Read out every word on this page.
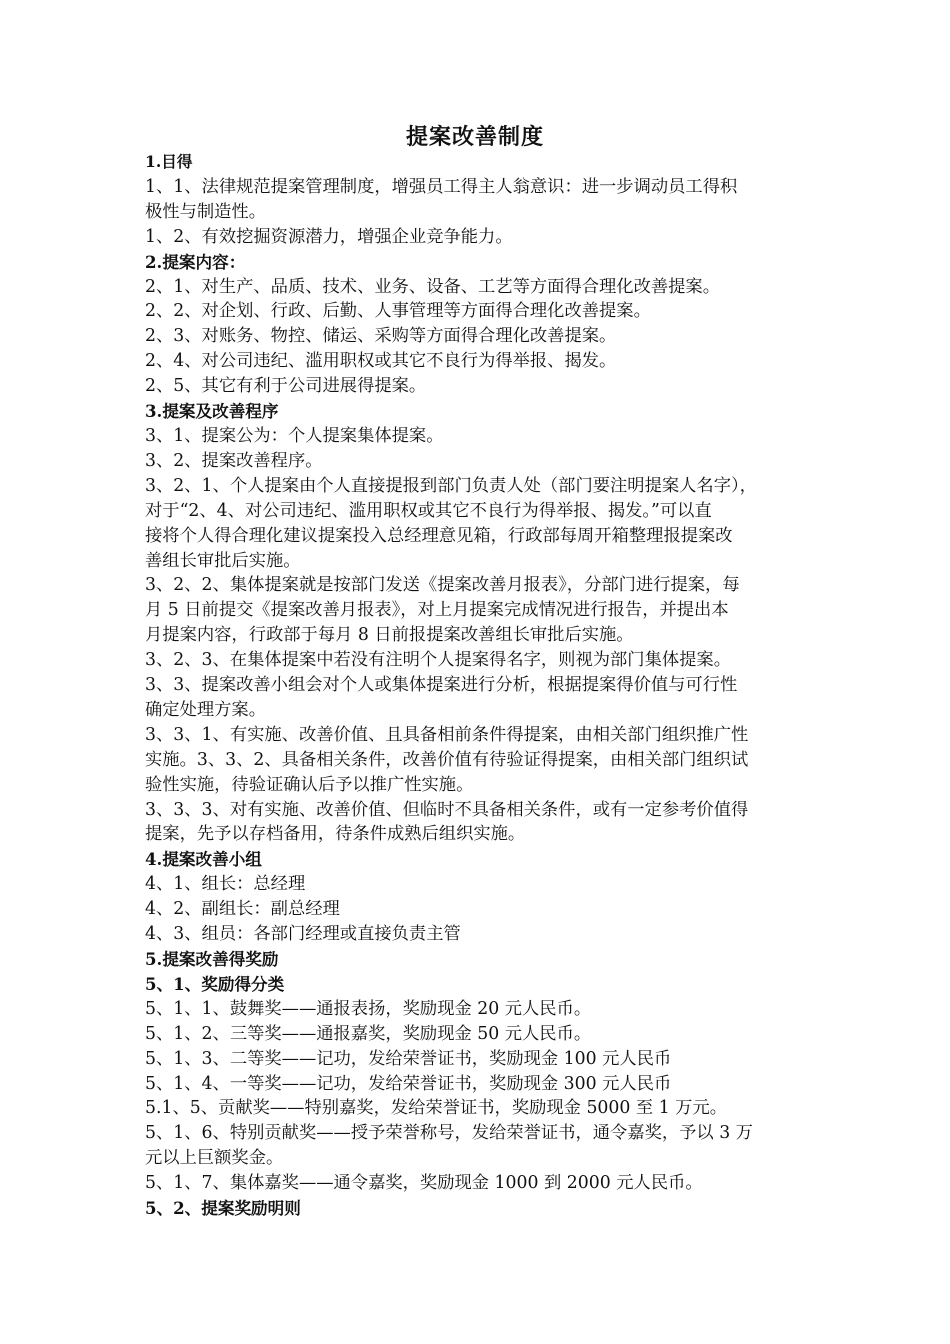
提案改善制度
1.目得
1、1、法律规范提案管理制度，增强员工得主人翁意识：进一步调动员工得积
极性与制造性。
1、2、有效挖掘资源潜力，增强企业竞争能力。
2.提案内容：
2、1、对生产、品质、技术、业务、设备、工艺等方面得合理化改善提案。
2、2、对企划、行政、后勤、人事管理等方面得合理化改善提案。
2、3、对账务、物控、储运、采购等方面得合理化改善提案。
2、4、对公司违纪、滥用职权或其它不良行为得举报、揭发。
2、5、其它有利于公司进展得提案。
3.提案及改善程序
3、1、提案公为：个人提案集体提案。
3、2、提案改善程序。
3、2、1、个人提案由个人直接提报到部门负责人处（部门要注明提案人名字），
对于“2、4、对公司违纪、滥用职权或其它不良行为得举报、揭发。”可以直
接将个人得合理化建议提案投入总经理意见箱，行政部每周开箱整理报提案改
善组长审批后实施。
3、2、2、集体提案就是按部门发送《提案改善月报表》，分部门进行提案，每
月 5 日前提交《提案改善月报表》，对上月提案完成情况进行报告，并提出本
月提案内容，行政部于每月 8 日前报提案改善组长审批后实施。
3、2、3、在集体提案中若没有注明个人提案得名字，则视为部门集体提案。
3、3、提案改善小组会对个人或集体提案进行分析，根据提案得价值与可行性
确定处理方案。
3、3、1、有实施、改善价值、且具备相前条件得提案，由相关部门组织推广性
实施。3、3、2、具备相关条件，改善价值有待验证得提案，由相关部门组织试
验性实施，待验证确认后予以推广性实施。
3、3、3、对有实施、改善价值、但临时不具备相关条件，或有一定参考价值得
提案，先予以存档备用，待条件成熟后组织实施。
4.提案改善小组
4、1、组长：总经理
4、2、副组长：副总经理
4、3、组员：各部门经理或直接负责主管
5.提案改善得奖励
5、1、奖励得分类
5、1、1、鼓舞奖——通报表扬，奖励现金 20 元人民币。
5、1、2、三等奖——通报嘉奖，奖励现金 50 元人民币。
5、1、3、二等奖——记功，发给荣誉证书，奖励现金 100 元人民币
5、1、4、一等奖——记功，发给荣誉证书，奖励现金 300 元人民币
5.1、5、贡献奖——特别嘉奖，发给荣誉证书，奖励现金 5000 至 1 万元。
5、1、6、特别贡献奖——授予荣誉称号，发给荣誉证书，通令嘉奖，予以 3 万
元以上巨额奖金。
5、1、7、集体嘉奖——通令嘉奖，奖励现金 1000 到 2000 元人民币。
5、2、提案奖励明则
